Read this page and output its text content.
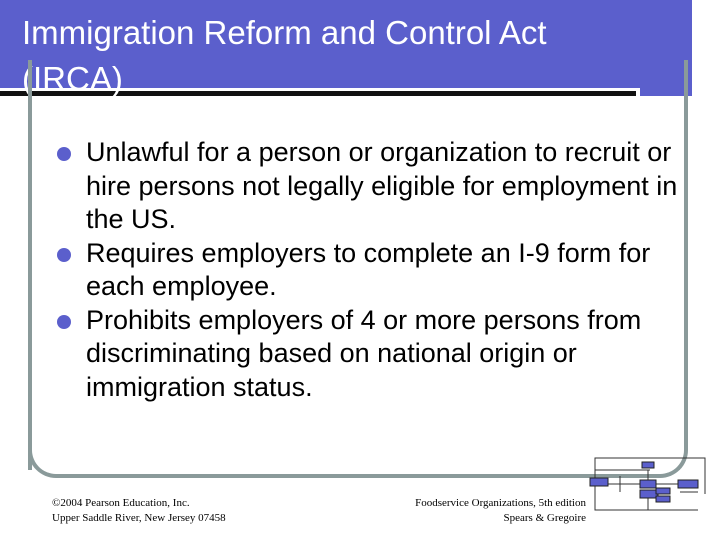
Immigration Reform and Control Act
(IRCA)
Unlawful for a person or organization to recruit or hire persons not legally eligible for employment in the US.
Requires employers to complete an I-9 form for each employee.
Prohibits employers of 4 or more persons from discriminating based on national origin or immigration status.
©2004 Pearson Education, Inc.
Upper Saddle River, New Jersey 07458
Foodservice Organizations, 5th edition
Spears & Gregoire
